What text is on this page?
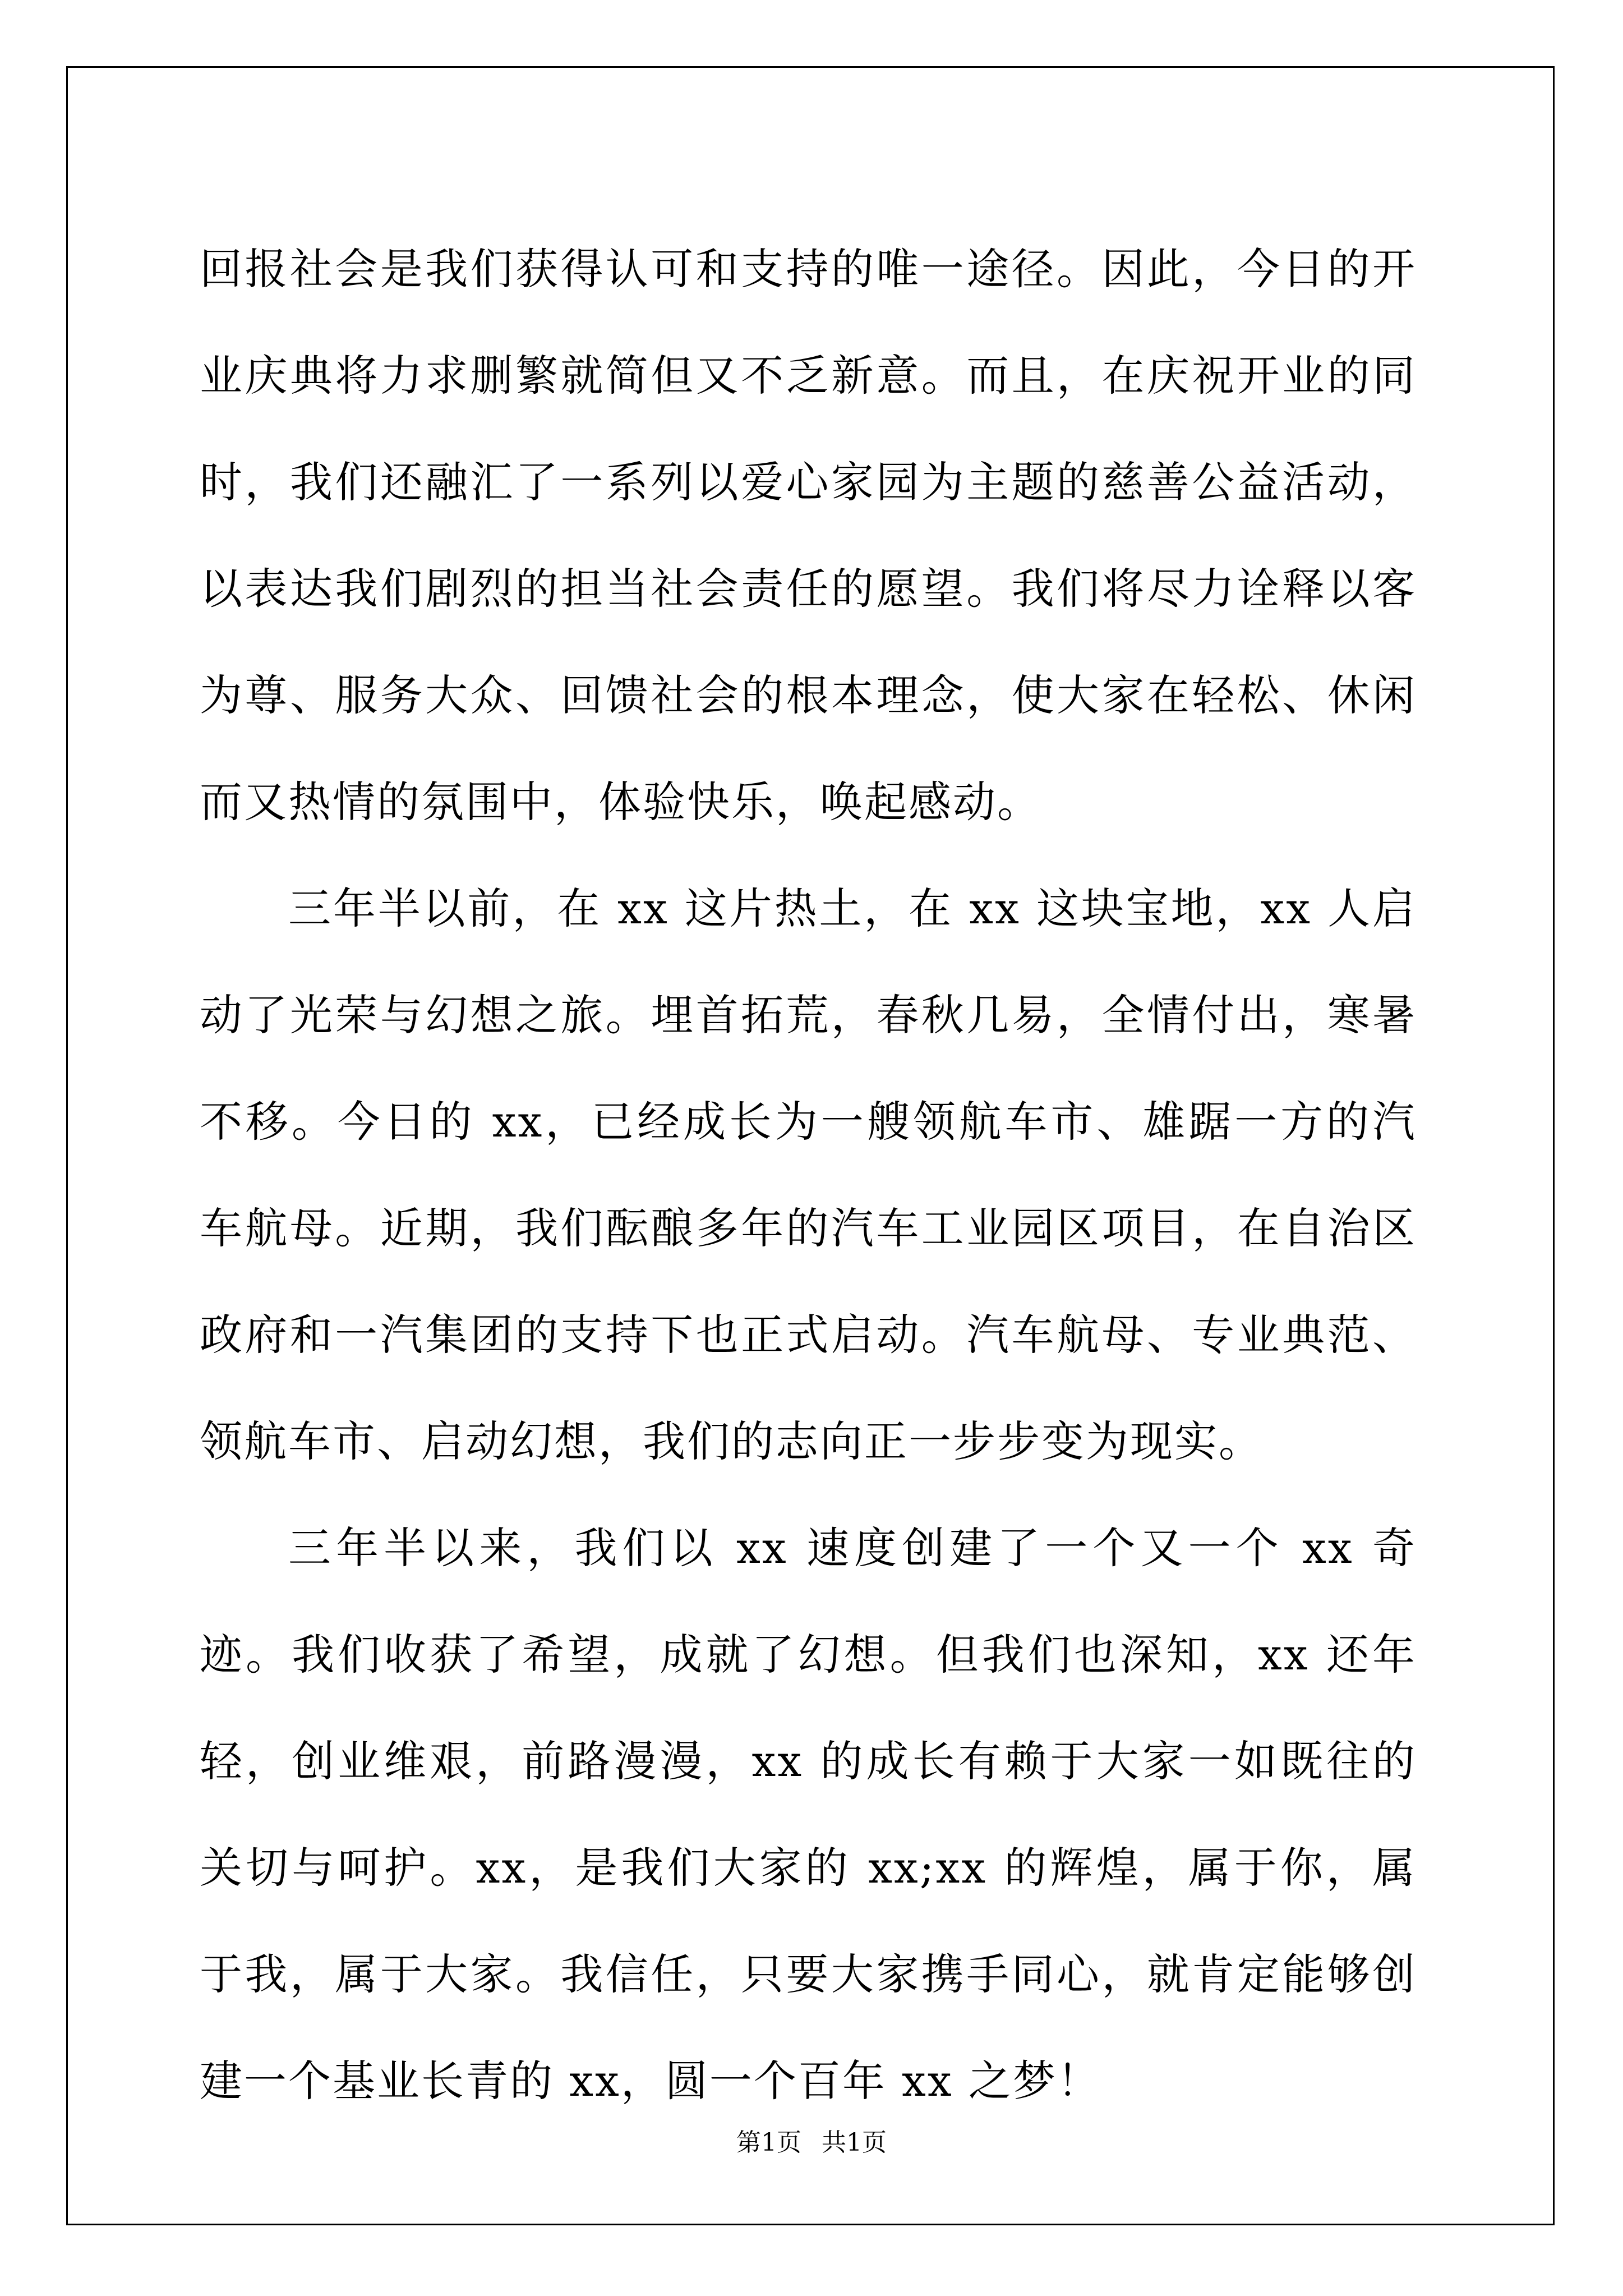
回报社会是我们获得认可和支持的唯一途径。因此，今日的开业庆典将力求删繁就简但又不乏新意。而且，在庆祝开业的同时，我们还融汇了一系列以爱心家园为主题的慈善公益活动，以表达我们剧烈的担当社会责任的愿望。我们将尽力诠释以客为尊、服务大众、回馈社会的根本理念，使大家在轻松、休闲而又热情的氛围中，体验快乐，唤起感动。

三年半以前，在 xx 这片热土，在 xx 这块宝地，xx 人启动了光荣与幻想之旅。埋首拓荒，春秋几易，全情付出，寒暑不移。今日的 xx，已经成长为一艘领航车市、雄踞一方的汽车航母。近期，我们酝酿多年的汽车工业园区项目，在自治区政府和一汽集团的支持下也正式启动。汽车航母、专业典范、领航车市、启动幻想，我们的志向正一步步变为现实。

三年半以来，我们以 xx 速度创建了一个又一个 xx 奇迹。我们收获了希望，成就了幻想。但我们也深知，xx 还年轻，创业维艰，前路漫漫，xx 的成长有赖于大家一如既往的关切与呵护。xx，是我们大家的 xx;xx 的辉煌，属于你，属于我，属于大家。我信任，只要大家携手同心，就肯定能够创建一个基业长青的 xx，圆一个百年 xx 之梦！

第1页 共1页
